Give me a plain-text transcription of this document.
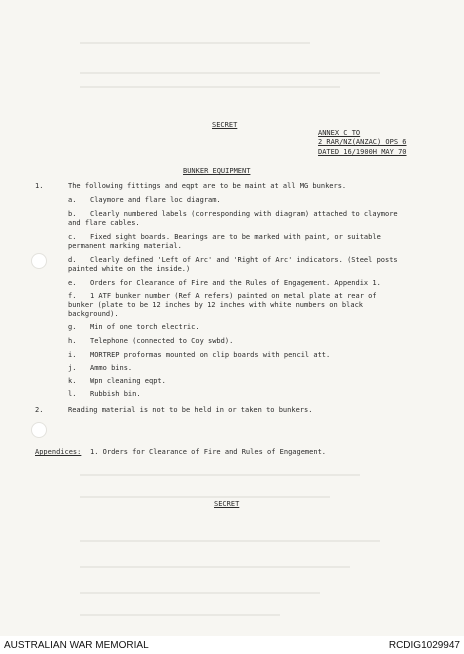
SECRET
ANNEX C TO
2 RAR/NZ(ANZAC) OPS 6
DATED 16/1900H MAY 70
BUNKER EQUIPMENT
1.	The following fittings and eqpt are to be maint at all MG bunkers.
a. Claymore and flare loc diagram.
b. Clearly numbered labels (corresponding with diagram) attached to claymore
and flare cables.
c. Fixed sight boards. Bearings are to be marked with paint, or suitable
permanent marking material.
d. Clearly defined 'Left of Arc' and 'Right of Arc' indicators. (Steel posts
painted white on the inside.)
e. Orders for Clearance of Fire and the Rules of Engagement. Appendix 1.
f. 1 ATF bunker number (Ref A refers) painted on metal plate at rear of
bunker (plate to be 12 inches by 12 inches with white numbers on black
background).
g. Min of one torch electric.
h. Telephone (connected to Coy swbd).
i. MORTREP proformas mounted on clip boards with pencil att.
j. Ammo bins.
k. Wpn cleaning eqpt.
l. Rubbish bin.
2.	Reading material is not to be held in or taken to bunkers.
Appendices: 1. Orders for Clearance of Fire and Rules of Engagement.
SECRET
AUSTRALIAN WAR MEMORIAL	RCDIG1029947
